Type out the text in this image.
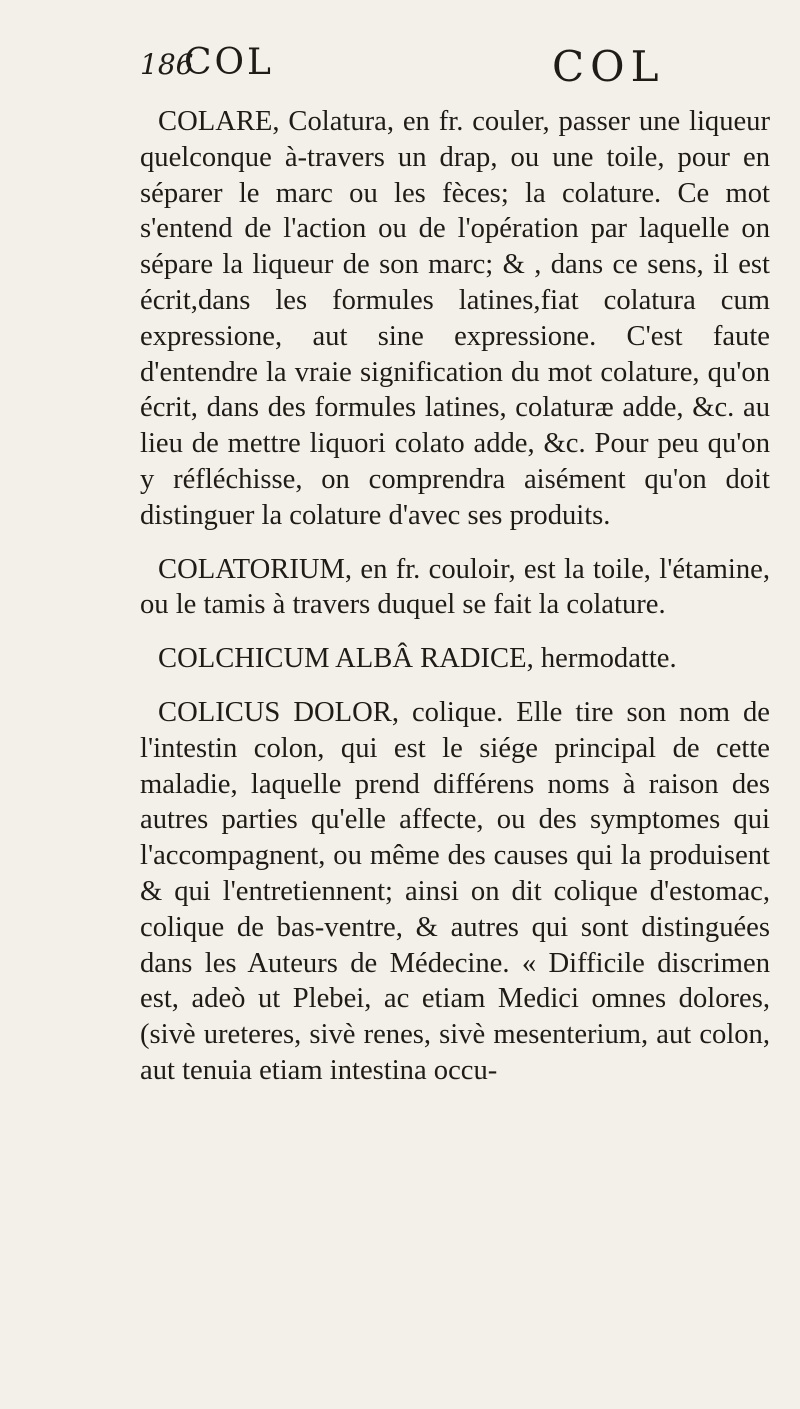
186
COL	COL

COLARE, Colatura, en fr. couler, passer une liqueur quelconque à-travers un drap, ou une toile, pour en séparer le marc ou les fèces; la colature. Ce mot s'entend de l'action ou de l'opération par laquelle on sépare la liqueur de son marc; & , dans ce sens, il est écrit,dans les formules latines,fiat colatura cum expressione, aut sine expressione. C'est faute d'entendre la vraie signification du mot colature, qu'on écrit, dans des formules latines, colaturæ adde, &c. au lieu de mettre liquori colato adde, &c. Pour peu qu'on y réfléchisse, on comprendra aisément qu'on doit distinguer la colature d'avec ses produits.

COLATORIUM, en fr. couloir, est la toile, l'étamine, ou le tamis à travers duquel se fait la colature.

COLCHICUM ALBÂ RADICE, hermodatte.

COLICUS DOLOR, colique. Elle tire son nom de l'intestin colon, qui est le siége principal de cette maladie, laquelle prend différens noms à raison des autres parties qu'elle affecte, ou des symptomes qui l'accompagnent, ou même des causes qui la produisent & qui l'entretiennent; ainsi on dit colique d'estomac, colique de bas-ventre, & autres qui sont distinguées dans les Auteurs de Médecine. « Difficile discrimen est, adeò ut Plebei, ac etiam Medici omnes dolores, (sivè ureteres, sivè renes, sivè mesenterium, aut colon, aut tenuia etiam intestina occu-
